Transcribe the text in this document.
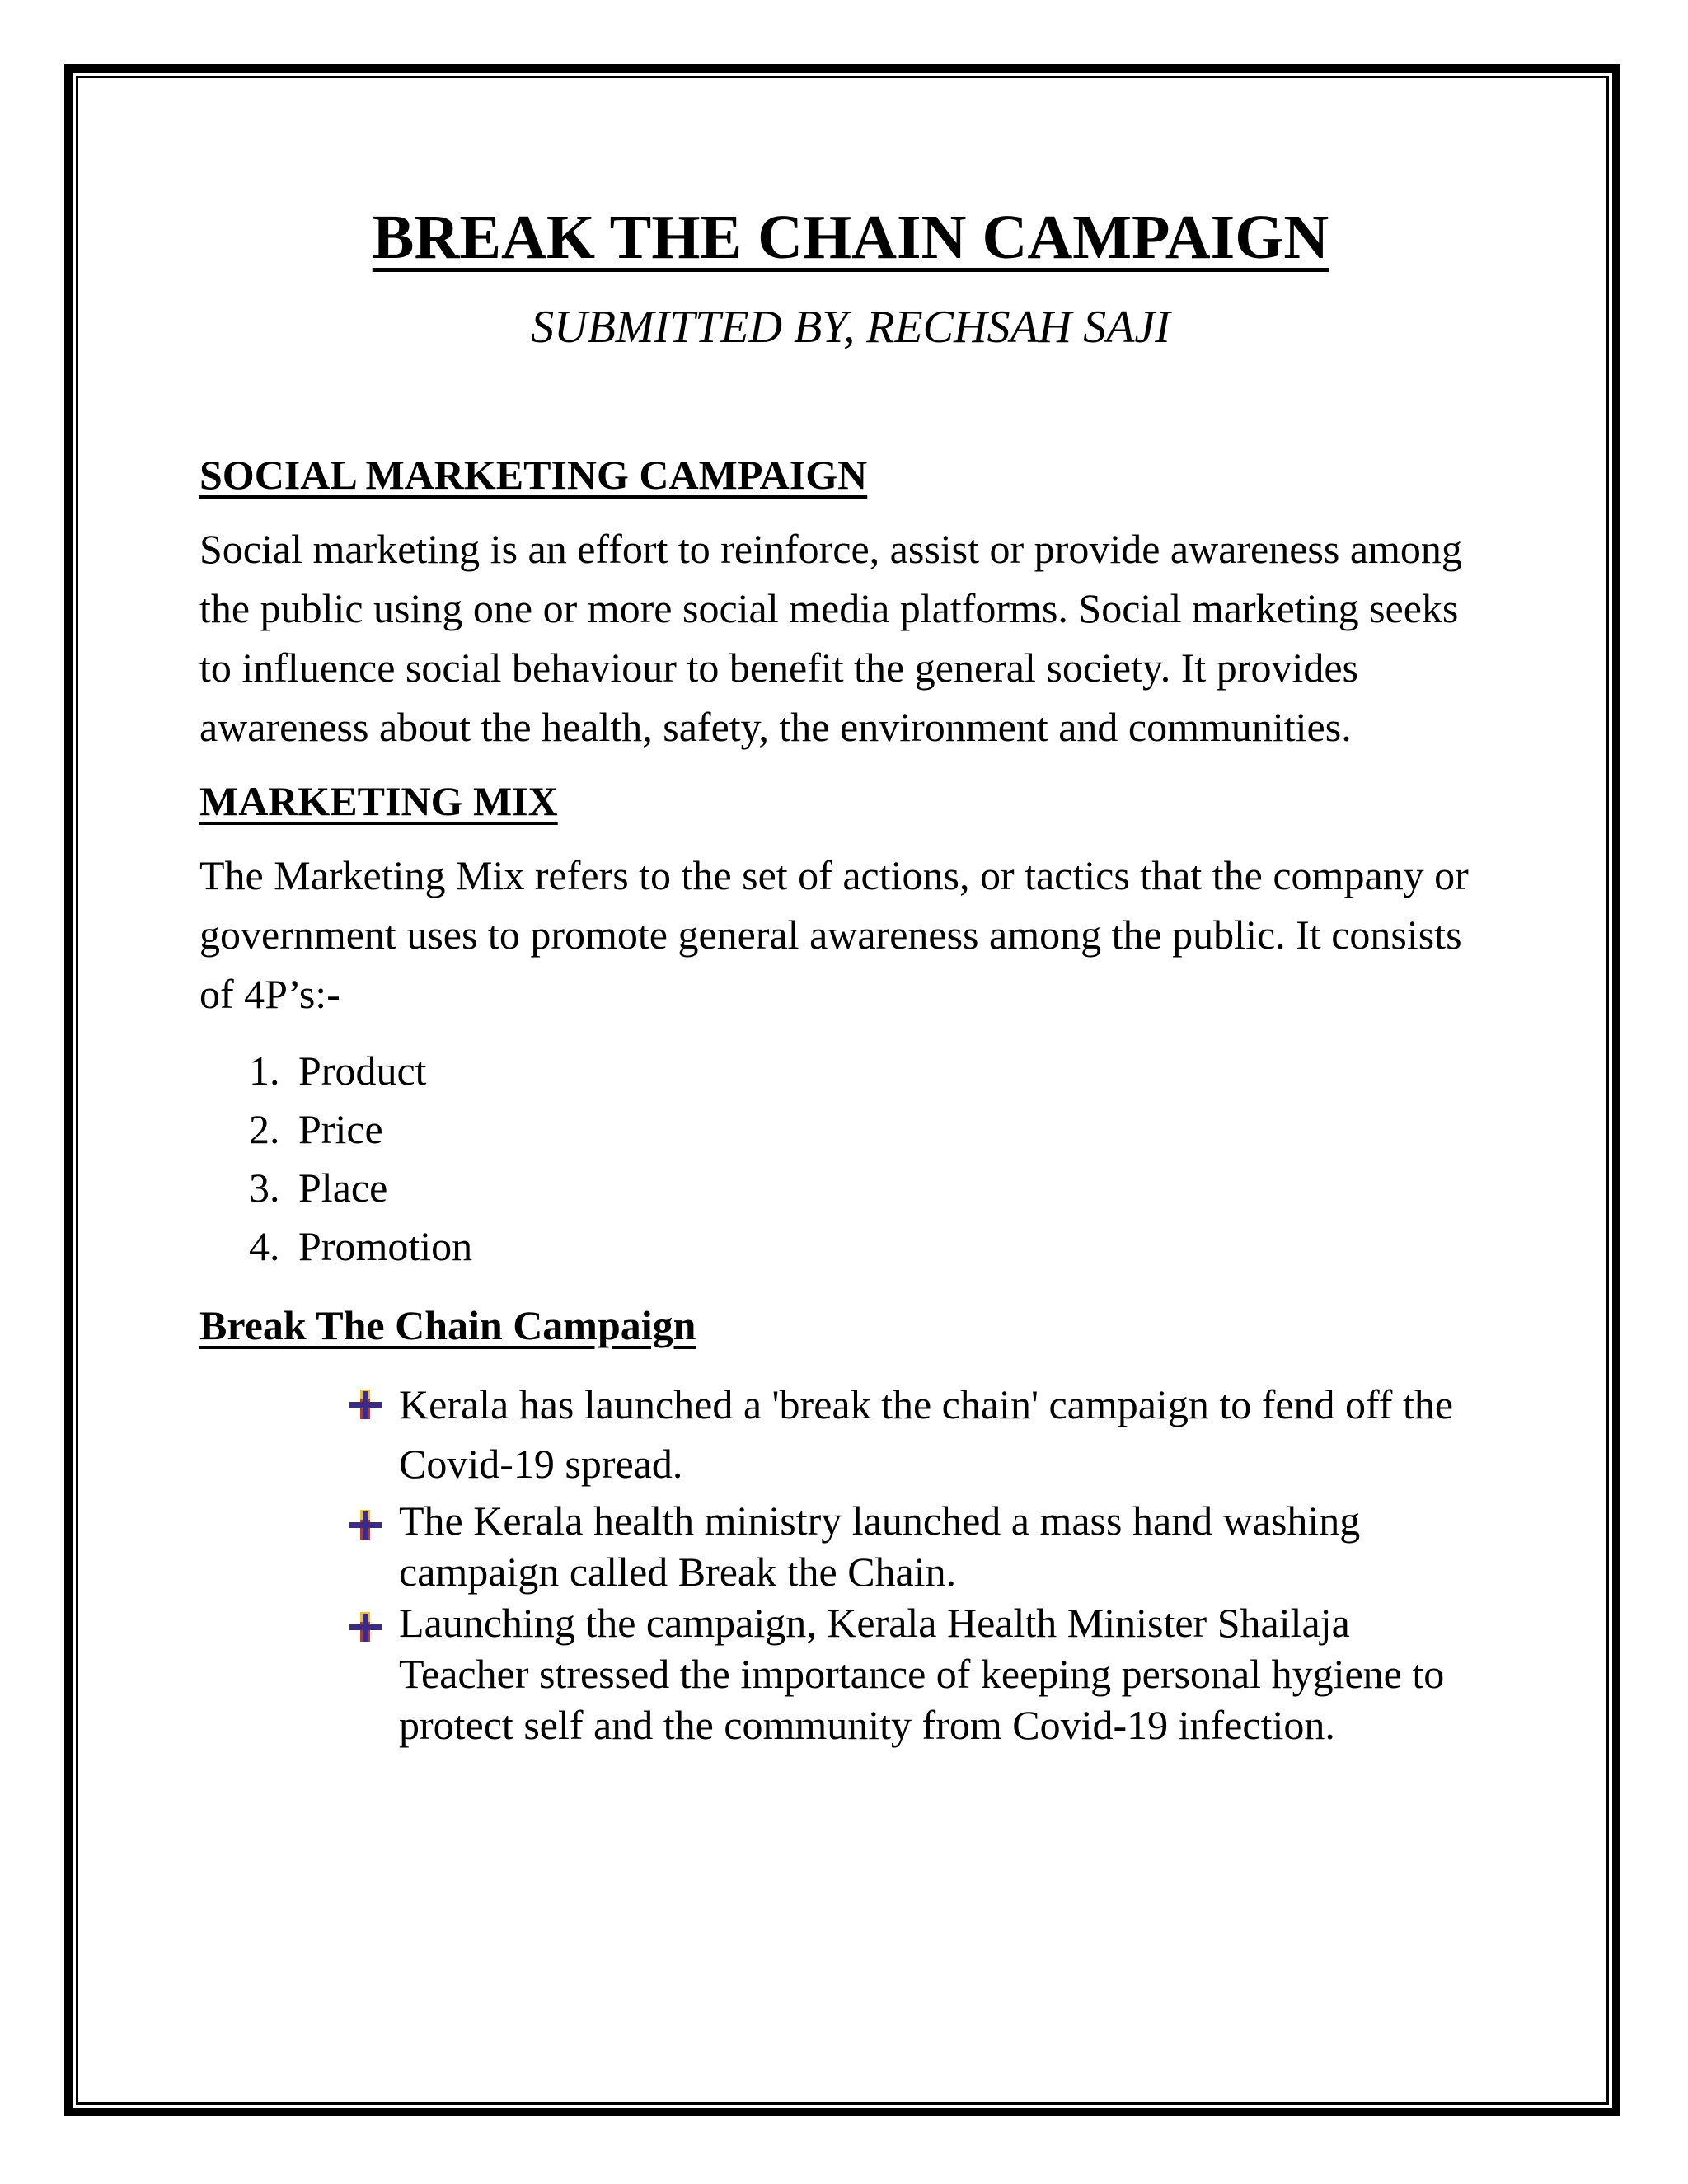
BREAK THE CHAIN CAMPAIGN

SUBMITTED BY, RECHSAH SAJI

SOCIAL MARKETING CAMPAIGN

Social marketing is an effort to reinforce, assist or provide awareness among the public using one or more social media platforms. Social marketing seeks to influence social behaviour to benefit the general society. It provides awareness about the health, safety, the environment and communities.

MARKETING MIX

The Marketing Mix refers to the set of actions, or tactics that the company or government uses to promote general awareness among the public. It consists of 4P’s:-

1. Product
2. Price
3. Place
4. Promotion
Break The Chain Campaign
Kerala has launched a 'break the chain' campaign to fend off the Covid-19 spread.
The Kerala health ministry launched a mass hand washing campaign called Break the Chain.
Launching the campaign, Kerala Health Minister Shailaja Teacher stressed the importance of keeping personal hygiene to protect self and the community from Covid-19 infection.
